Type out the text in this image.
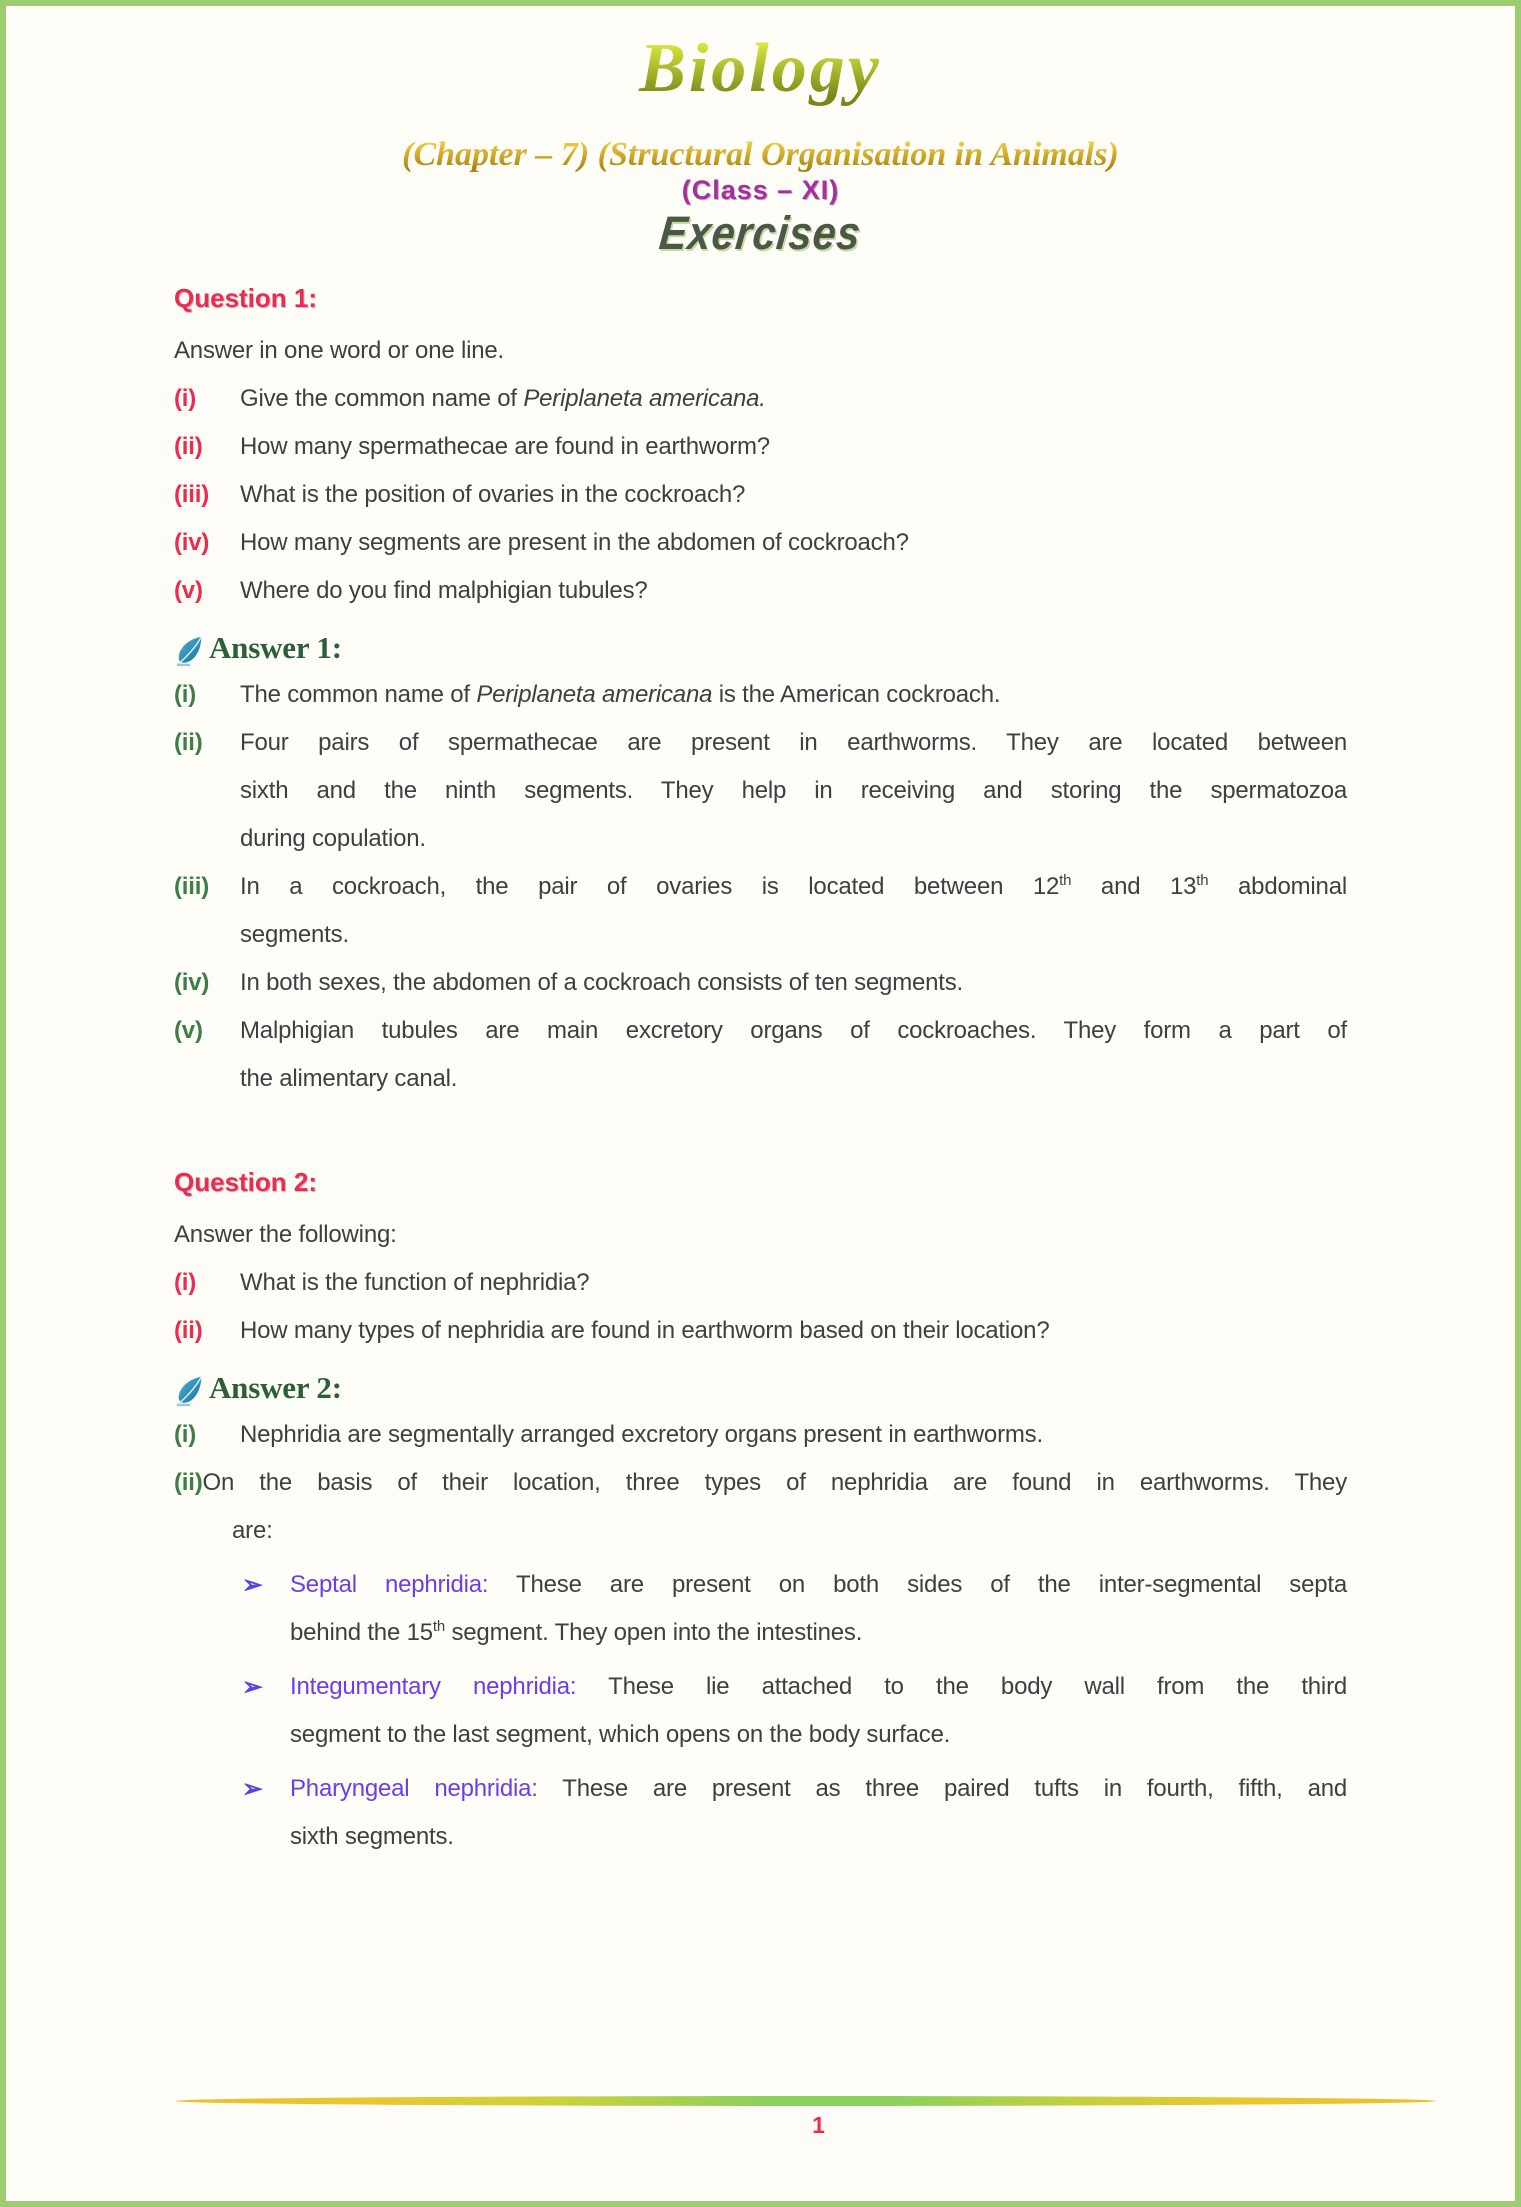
Biology
(Chapter – 7) (Structural Organisation in Animals)
(Class – XI)
Exercises
Question 1:
Answer in one word or one line.
(i) Give the common name of Periplaneta americana.
(ii) How many spermathecae are found in earthworm?
(iii) What is the position of ovaries in the cockroach?
(iv) How many segments are present in the abdomen of cockroach?
(v) Where do you find malphigian tubules?
Answer 1:
(i) The common name of Periplaneta americana is the American cockroach.
(ii) Four pairs of spermathecae are present in earthworms. They are located between
sixth and the ninth segments. They help in receiving and storing the spermatozoa
during copulation.
(iii) In a cockroach, the pair of ovaries is located between 12th and 13th abdominal
segments.
(iv) In both sexes, the abdomen of a cockroach consists of ten segments.
(v) Malphigian tubules are main excretory organs of cockroaches. They form a part of
the alimentary canal.
Question 2:
Answer the following:
(i) What is the function of nephridia?
(ii) How many types of nephridia are found in earthworm based on their location?
Answer 2:
(i) Nephridia are segmentally arranged excretory organs present in earthworms.
(ii)On the basis of their location, three types of nephridia are found in earthworms. They
are:
➢ Septal nephridia: These are present on both sides of the inter-segmental septa
behind the 15th segment. They open into the intestines.
➢ Integumentary nephridia: These lie attached to the body wall from the third
segment to the last segment, which opens on the body surface.
➢ Pharyngeal nephridia: These are present as three paired tufts in fourth, fifth, and
sixth segments.
1
